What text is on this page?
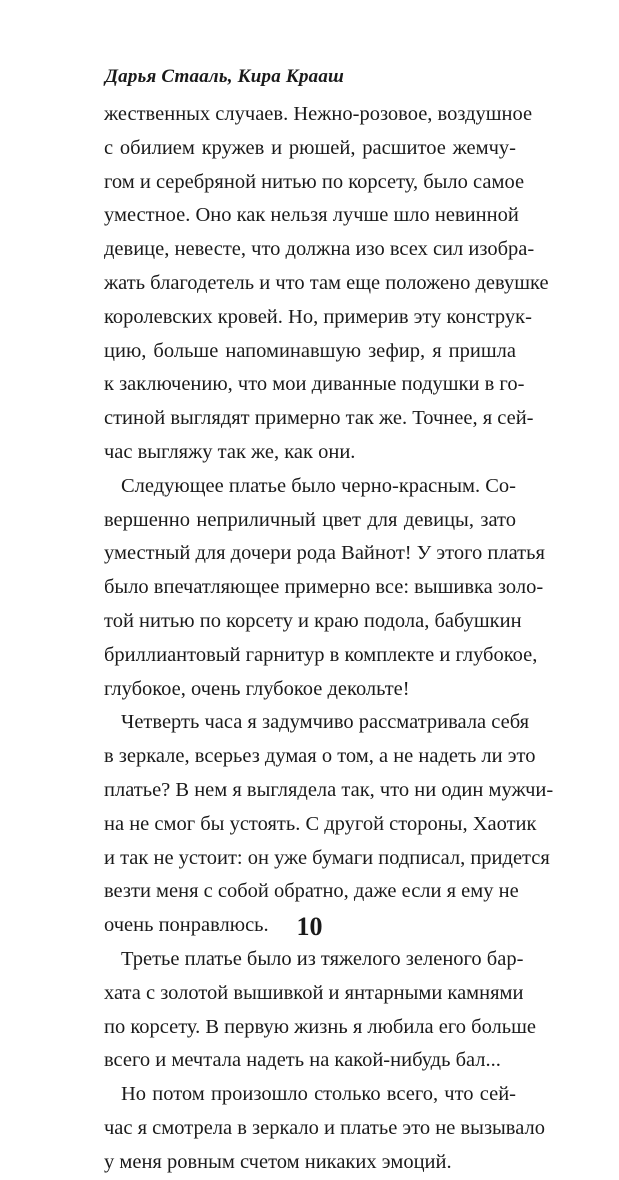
Дарья Стааль, Кира Крааш
жественных случаев. Нежно-розовое, воздушное
с обилием кружев и рюшей, расшитое жемчу-
гом и серебряной нитью по корсету, было самое
уместное. Оно как нельзя лучше шло невинной
девице, невесте, что должна изо всех сил изобра-
жать благодетель и что там еще положено девушке
королевских кровей. Но, примерив эту конструк-
цию, больше напоминавшую зефир, я пришла
к заключению, что мои диванные подушки в го-
стиной выглядят примерно так же. Точнее, я сей-
час выгляжу так же, как они.
Следующее платье было черно-красным. Со-
вершенно неприличный цвет для девицы, зато
уместный для дочери рода Вайнот! У этого платья
было впечатляющее примерно все: вышивка золо-
той нитью по корсету и краю подола, бабушкин
бриллиантовый гарнитур в комплекте и глубокое,
глубокое, очень глубокое декольте!
Четверть часа я задумчиво рассматривала себя
в зеркале, всерьез думая о том, а не надеть ли это
платье? В нем я выглядела так, что ни один мужчи-
на не смог бы устоять. С другой стороны, Хаотик
и так не устоит: он уже бумаги подписал, придется
везти меня с собой обратно, даже если я ему не
очень понравлюсь.
Третье платье было из тяжелого зеленого бар-
хата с золотой вышивкой и янтарными камнями
по корсету. В первую жизнь я любила его больше
всего и мечтала надеть на какой-нибудь бал...
Но потом произошло столько всего, что сей-
час я смотрела в зеркало и платье это не вызывало
у меня ровным счетом никаких эмоций.
10
